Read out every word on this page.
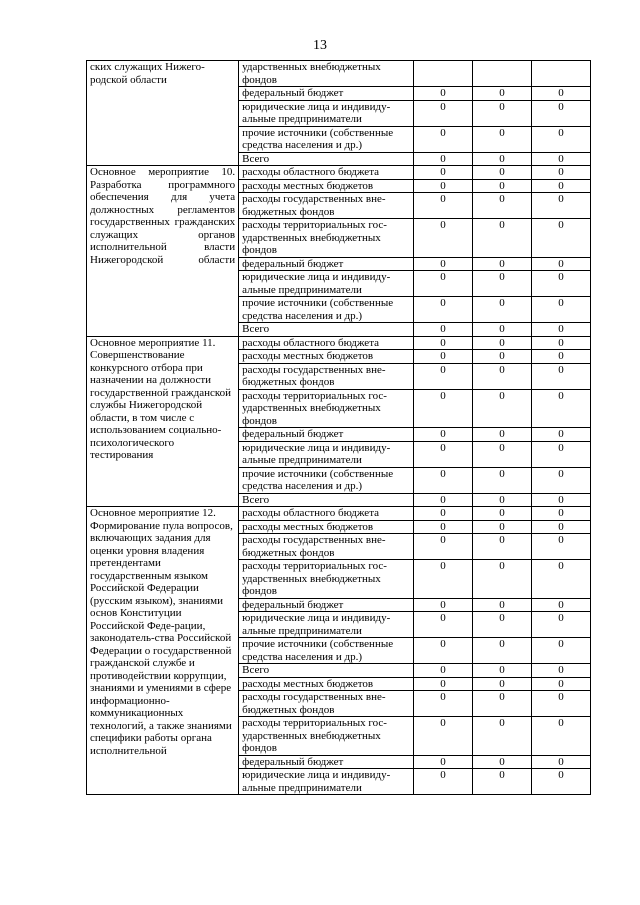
13
ских служащих Нижего-родской области	ударственных внебюджетных фондов			
	федеральный бюджет	0	0	0
	юридические лица и индивиду-альные предприниматели	0	0	0
	прочие источники (собственные средства населения и др.)	0	0	0
	Всего	0	0	0
Основное мероприятие 10. Разработка программного обеспечения для учета должностных регламентов государственных гражданских служащих органов исполнительной власти Нижегородской области	расходы областного бюджета	0	0	0
	расходы местных бюджетов	0	0	0
	расходы государственных вне-бюджетных фондов	0	0	0
	расходы территориальных гос-ударственных внебюджетных фондов	0	0	0
	федеральный бюджет	0	0	0
	юридические лица и индивиду-альные предприниматели	0	0	0
	прочие источники (собственные средства населения и др.)	0	0	0
	Всего	0	0	0
Основное мероприятие 11. Совершенствование конкурсного отбора при назначении на должности государственной гражданской службы Нижегородской области, в том числе с использованием социально-психологического тестирования	расходы областного бюджета	0	0	0
	расходы местных бюджетов	0	0	0
	расходы государственных вне-бюджетных фондов	0	0	0
	расходы территориальных гос-ударственных внебюджетных фондов	0	0	0
	федеральный бюджет	0	0	0
	юридические лица и индивиду-альные предприниматели	0	0	0
	прочие источники (собственные средства населения и др.)	0	0	0
	Всего	0	0	0
Основное мероприятие 12. Формирование пула вопросов, включающих задания для оценки уровня владения претендентами государственным языком Российской Федерации (русским языком), знаниями основ Конституции Российской Феде-рации, законодатель-ства Российской Федерации о государственной гражданской службе и противодействии коррупции, знаниями и умениями в сфере информационно-коммуникационных технологий, а также знаниями специфики работы органа исполнительной	расходы областного бюджета	0	0	0
	расходы местных бюджетов	0	0	0
	расходы государственных вне-бюджетных фондов	0	0	0
	расходы территориальных гос-ударственных внебюджетных фондов	0	0	0
	федеральный бюджет	0	0	0
	юридические лица и индивиду-альные предприниматели	0	0	0
	прочие источники (собственные средства населения и др.)	0	0	0
	Всего	0	0	0
	расходы местных бюджетов	0	0	0
	расходы государственных вне-бюджетных фондов	0	0	0
	расходы территориальных гос-ударственных внебюджетных фондов	0	0	0
	федеральный бюджет	0	0	0
	юридические лица и индивиду-альные предприниматели	0	0	0
